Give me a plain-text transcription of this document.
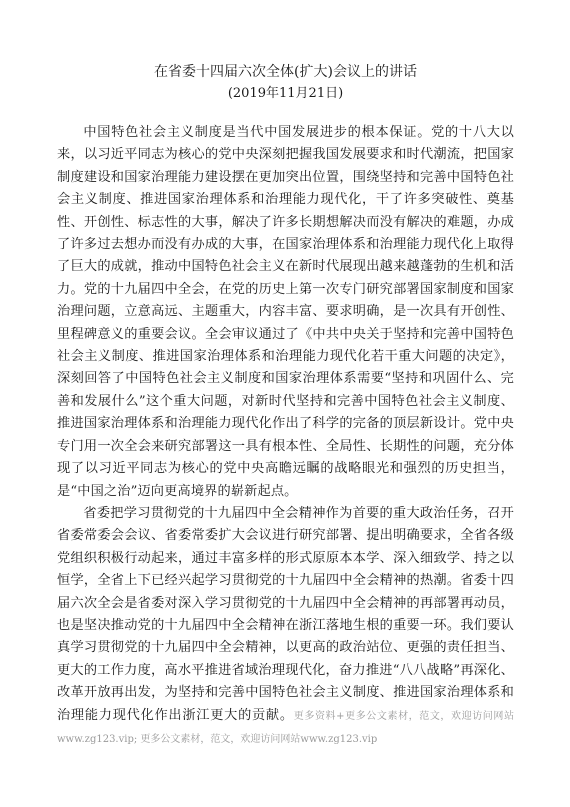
在省委十四届六次全体(扩大)会议上的讲话
(2019年11月21日)

中国特色社会主义制度是当代中国发展进步的根本保证。党的十八大以来，以习近平同志为核心的党中央深刻把握我国发展要求和时代潮流，把国家制度建设和国家治理能力建设摆在更加突出位置，围绕坚持和完善中国特色社会主义制度、推进国家治理体系和治理能力现代化，干了许多突破性、奠基性、开创性、标志性的大事，解决了许多长期想解决而没有解决的难题，办成了许多过去想办而没有办成的大事，在国家治理体系和治理能力现代化上取得了巨大的成就，推动中国特色社会主义在新时代展现出越来越蓬勃的生机和活力。党的十九届四中全会，在党的历史上第一次专门研究部署国家制度和国家治理问题，立意高远、主题重大，内容丰富、要求明确，是一次具有开创性、里程碑意义的重要会议。全会审议通过了《中共中央关于坚持和完善中国特色社会主义制度、推进国家治理体系和治理能力现代化若干重大问题的决定》，深刻回答了中国特色社会主义制度和国家治理体系需要“坚持和巩固什么、完善和发展什么”这个重大问题，对新时代坚持和完善中国特色社会主义制度、推进国家治理体系和治理能力现代化作出了科学的完备的顶层新设计。党中央专门用一次全会来研究部署这一具有根本性、全局性、长期性的问题，充分体现了以习近平同志为核心的党中央高瞻远瞩的战略眼光和强烈的历史担当，是“中国之治”迈向更高境界的崭新起点。

省委把学习贯彻党的十九届四中全会精神作为首要的重大政治任务，召开省委常委会会议、省委常委扩大会议进行研究部署、提出明确要求，全省各级党组织积极行动起来，通过丰富多样的形式原原本本学、深入细致学、持之以恒学，全省上下已经兴起学习贯彻党的十九届四中全会精神的热潮。省委十四届六次全会是省委对深入学习贯彻党的十九届四中全会精神的再部署再动员，也是坚决推动党的十九届四中全会精神在浙江落地生根的重要一环。我们要认真学习贯彻党的十九届四中全会精神，以更高的政治站位、更强的责任担当、更大的工作力度，高水平推进省域治理现代化，奋力推进“八八战略”再深化、改革开放再出发，为坚持和完善中国特色社会主义制度、推进国家治理体系和治理能力现代化作出浙江更大的贡献。更多资料+更多公文素材，范文，欢迎访问网站www.zg123.vip; 更多公文素材，范文，欢迎访问网站www.zg123.vip
